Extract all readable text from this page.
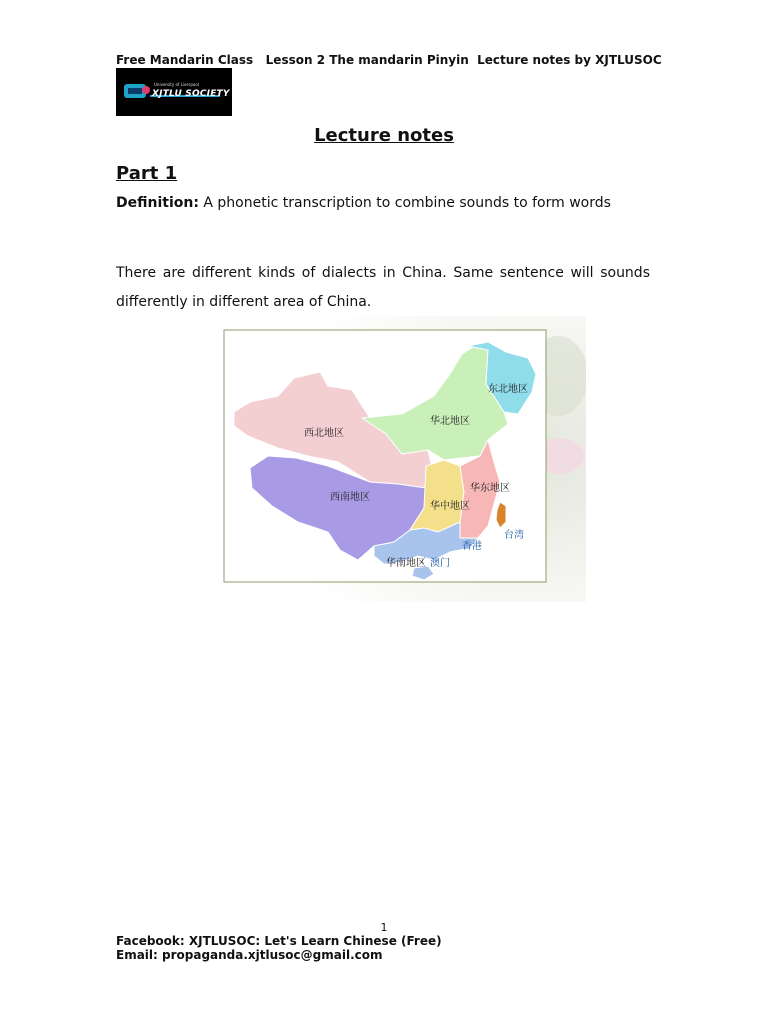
Free Mandarin Class   Lesson 2 The mandarin Pinyin  Lecture notes by XJTLUSOC
University of Liverpool
XJTLU SOCIETY
Lecture notes
Part 1
Definition: A phonetic transcription to combine sounds to form words
There are different kinds of dialects in China. Same sentence will sounds differently in different area of China.
西北地区
华北地区
东北地区
西南地区
华中地区
华东地区
华南地区
香港
澳门
台湾
1
Facebook: XJTLUSOC: Let's Learn Chinese (Free)
Email: propaganda.xjtlusoc@gmail.com
